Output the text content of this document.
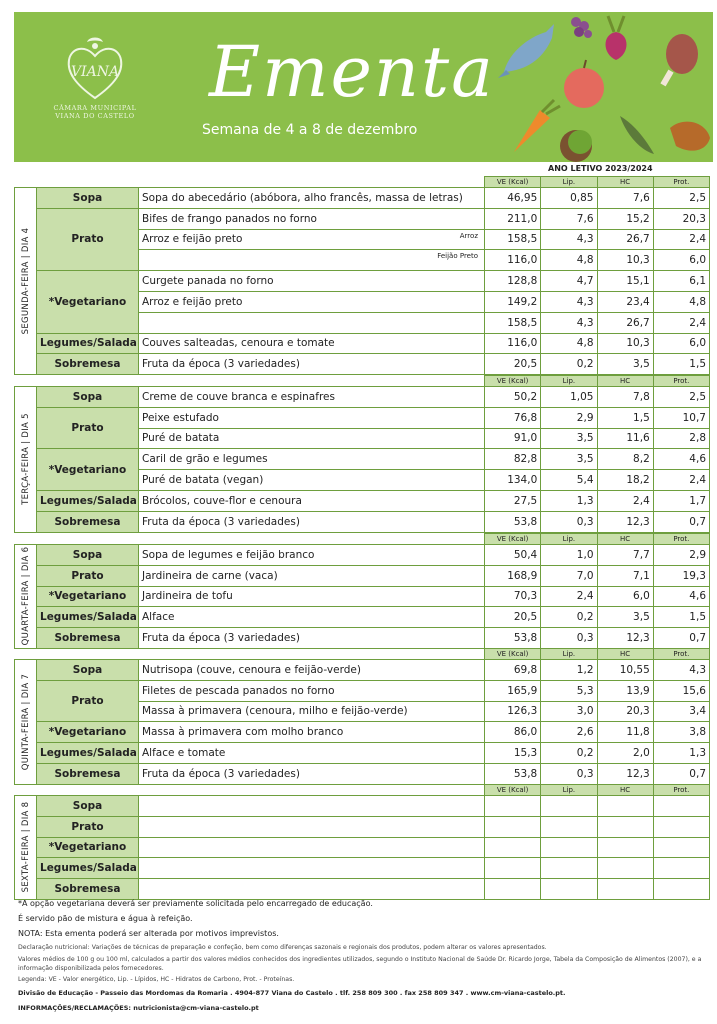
VIANA
CÂMARA MUNICIPAL
VIANA DO CASTELO
Ementa
Semana de 4 a 8 de dezembro
ANO LETIVO 2023/2024
			VE (Kcal)	Lip.	HC	Prot.

SEGUNDA-FEIRA | DIA 4	Sopa	Sopa do abecedário (abóbora, alho francês, massa de letras)	46,95	0,85	7,6	2,5
	Prato	Bifes de frango panados no forno	211,0	7,6	15,2	20,3
		Arroz e feijão preto Arroz	158,5	4,3	26,7	2,4

		Feijão Preto	116,0	4,8	10,3	6,0
	*Vegetariano	Curgete panada no forno	128,8	4,7	15,1	6,1
		Arroz e feijão preto	149,2	4,3	23,4	4,8
			158,5	4,3	26,7	2,4
	Legumes/Salada	Couves salteadas, cenoura e tomate	116,0	4,8	10,3	6,0
	Sobremesa	Fruta da época (3 variedades)	20,5	0,2	3,5	1,5
			VE (Kcal)	Lip.	HC	Prot.

TERÇA-FEIRA | DIA 5	Sopa	Creme de couve branca e espinafres	50,2	1,05	7,8	2,5
	Prato	Peixe estufado	76,8	2,9	1,5	10,7
		Puré de batata	91,0	3,5	11,6	2,8
	*Vegetariano	Caril de grão e legumes	82,8	3,5	8,2	4,6
		Puré de batata (vegan)	134,0	5,4	18,2	2,4
	Legumes/Salada	Brócolos, couve-flor e cenoura	27,5	1,3	2,4	1,7
	Sobremesa	Fruta da época (3 variedades)	53,8	0,3	12,3	0,7
			VE (Kcal)	Lip.	HC	Prot.

QUARTA-FEIRA | DIA 6	Sopa	Sopa de legumes e feijão branco	50,4	1,0	7,7	2,9
	Prato	Jardineira de carne (vaca)	168,9	7,0	7,1	19,3
	*Vegetariano	Jardineira de tofu	70,3	2,4	6,0	4,6
	Legumes/Salada	Alface	20,5	0,2	3,5	1,5
	Sobremesa	Fruta da época (3 variedades)	53,8	0,3	12,3	0,7
			VE (Kcal)	Lip.	HC	Prot.

QUINTA-FEIRA | DIA 7	Sopa	Nutrisopa (couve, cenoura e feijão-verde)	69,8	1,2	10,55	4,3
	Prato	Filetes de pescada panados no forno	165,9	5,3	13,9	15,6
		Massa à primavera (cenoura, milho e feijão-verde)	126,3	3,0	20,3	3,4
	*Vegetariano	Massa à primavera com molho branco	86,0	2,6	11,8	3,8
	Legumes/Salada	Alface e tomate	15,3	0,2	2,0	1,3
	Sobremesa	Fruta da época (3 variedades)	53,8	0,3	12,3	0,7
			VE (Kcal)	Lip.	HC	Prot.

SEXTA-FEIRA | DIA 8	Sopa					
	Prato					
	*Vegetariano					
	Legumes/Salada					
	Sobremesa					

*A opção vegetariana deverá ser previamente solicitada pelo encarregado de educação.

É servido pão de mistura e água à refeição.

NOTA: Esta ementa poderá ser alterada por motivos imprevistos.

Declaração nutricional: Variações de técnicas de preparação e confeção, bem como diferenças sazonais e regionais dos produtos, podem alterar os valores apresentados.

Valores médios de 100 g ou 100 ml, calculados a partir dos valores médios conhecidos dos ingredientes utilizados, segundo o Instituto Nacional de Saúde Dr. Ricardo Jorge, Tabela da Composição de Alimentos (2007), e a informação disponibilizada pelos fornecedores.

Legenda: VE - Valor energético, Lip. - Lípidos, HC - Hidratos de Carbono, Prot. - Proteínas.

Divisão de Educação - Passeio das Mordomas da Romaria . 4904-877 Viana do Castelo . tlf. 258 809 300 . fax 258 809 347 . www.cm-viana-castelo.pt.

INFORMAÇÕES/RECLAMAÇÕES: nutricionista@cm-viana-castelo.pt
